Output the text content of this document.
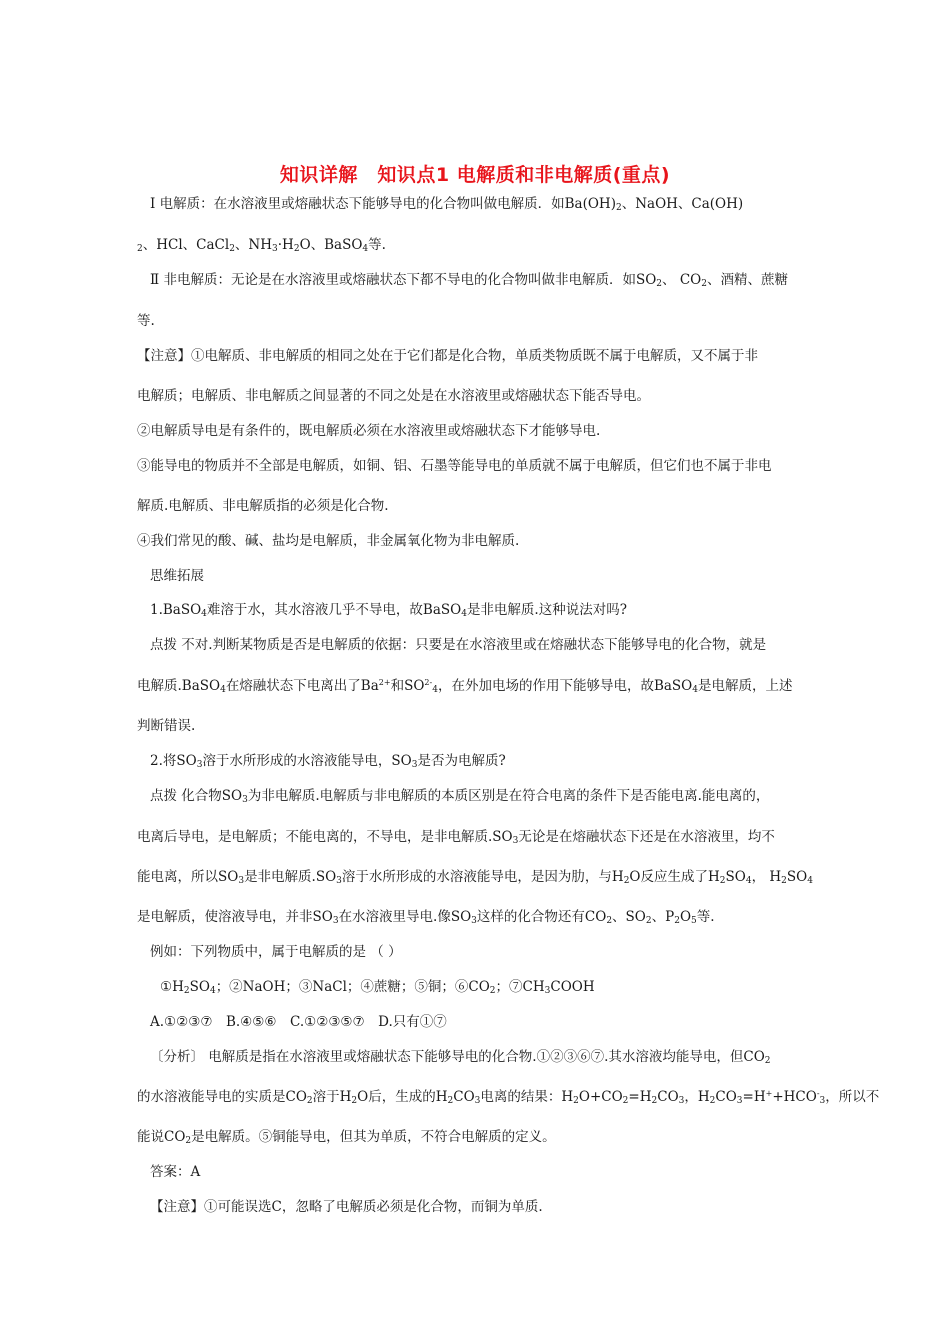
知识详解　知识点1 电解质和非电解质(重点)
Ⅰ 电解质：在水溶液里或熔融状态下能够导电的化合物叫做电解质．如$Ba(OH)_2$、NaOH、Ca(OH)
$_2$、HCl、CaCl$_2$、$NH_3\cdot H_2O$、BaSO$_4$等.
Ⅱ 非电解质：无论是在水溶液里或熔融状态下都不导电的化合物叫做非电解质．如$SO_2$、 $CO_2$、酒精、蔗糖
等.
【注意】①电解质、非电解质的相同之处在于它们都是化合物，单质类物质既不属于电解质，又不属于非
电解质；电解质、非电解质之间显著的不同之处是在水溶液里或熔融状态下能否导电。
②电解质导电是有条件的，既电解质必须在水溶液里或熔融状态下才能够导电.
③能导电的物质并不全部是电解质，如铜、铝、石墨等能导电的单质就不属于电解质，但它们也不属于非电
解质.电解质、非电解质指的必须是化合物.
④我们常见的酸、碱、盐均是电解质，非金属氧化物为非电解质.
思维拓展
1.BaSO$_4$难溶于水，其水溶液几乎不导电，故BaSO$_4$是非电解质.这种说法对吗?
点拨 不对.判断某物质是否是电解质的依据：只要是在水溶液里或在熔融状态下能够导电的化合物，就是
电解质.BaSO$_4$在熔融状态下电离出了$Ba^{2+}$和$SO^{2-}_4$，在外加电场的作用下能够导电，故BaSO$_4$是电解质，上述
判断错误.
2.将$SO_3$溶于水所形成的水溶液能导电，$SO_3$是否为电解质?
点拨 化合物$SO_3$为非电解质.电解质与非电解质的本质区别是在符合电离的条件下是否能电离.能电离的，
电离后导电，是电解质；不能电离的，不导电，是非电解质$.SO_3$无论是在熔融状态下还是在水溶液里，均不
能电离，所以$SO_3$是非电解质$.SO_3$溶于水所形成的水溶液能导电，是因为肋，与$H_2O$反应生成了$H_2SO_4$， $H_2SO_4$
是电解质，使溶液导电，并非$SO_3$在水溶液里导电.像$SO_3$这样的化合物还有$CO_2$、$SO_2$、$P_2O_5$等.
例如：下列物质中，属于电解质的是 （ ）
$①H_2SO_4$；②NaOH；③NaCl；④蔗糖；⑤铜；$⑥CO_2$；$⑦CH_3COOH$
A.①②③⑦　B.④⑤⑥　C.①②③⑤⑦　D.只有①⑦
〔分析〕 电解质是指在水溶液里或熔融状态下能够导电的化合物.①②③⑥⑦.其水溶液均能导电，但$CO_2$
的水溶液能导电的实质是$CO_2$溶于$H_2O$后，生成的$H_2CO_3$电离的结果：$H_2O+CO_2=H_2CO_3$，$H_2CO_3=H^++HCO^-_3$，所以不
能说$CO_2$是电解质。⑤铜能导电，但其为单质，不符合电解质的定义。
答案：A
【注意】①可能误选C，忽略了电解质必须是化合物，而铜为单质.
